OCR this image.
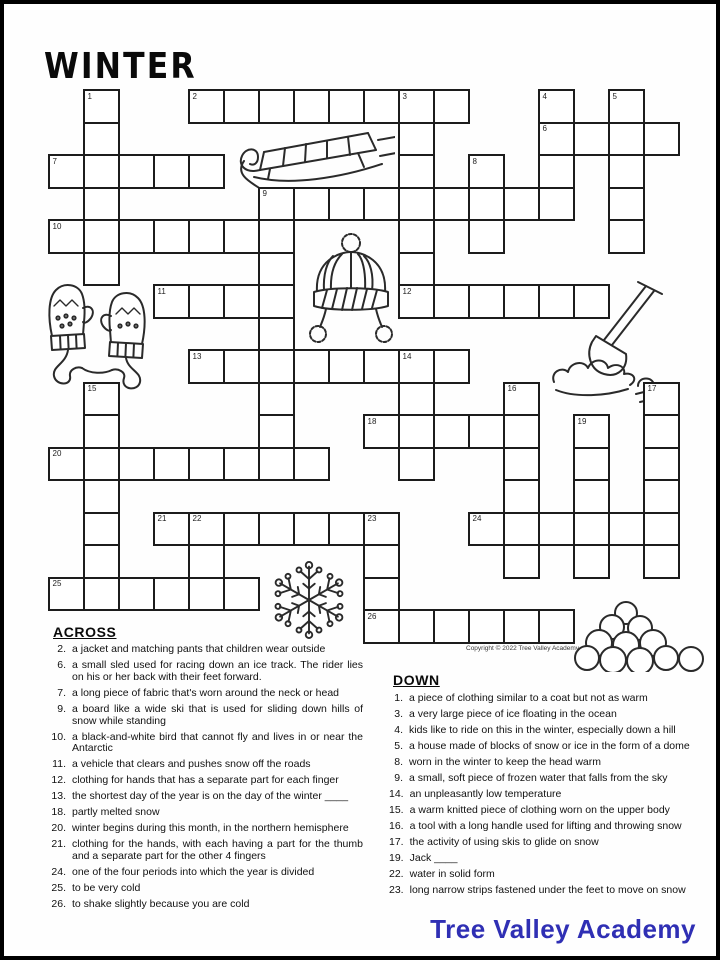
WINTER
1	2	3	4	5
6
7	8
9
10
11	12
13	14
15	16	17
18	19
20
21	22	23	24
25
26
ACROSS
2. a jacket and matching pants that children wear outside
6. a small sled used for racing down an ice track. The rider lies on his or her back with their feet forward.
7. a long piece of fabric that's worn around the neck or head
9. a board like a wide ski that is used for sliding down hills of snow while standing
10. a black-and-white bird that cannot fly and lives in or near the Antarctic
11. a vehicle that clears and pushes snow off the roads
12. clothing for hands that has a separate part for each finger
13. the shortest day of the year is on the day of the winter ____
18. partly melted snow
20. winter begins during this month, in the northern hemisphere
21. clothing for the hands, with each having a part for the thumb and a separate part for the other 4 fingers
24. one of the four periods into which the year is divided
25. to be very cold
26. to shake slightly because you are cold
DOWN
1. a piece of clothing similar to a coat but not as warm
3. a very large piece of ice floating in the ocean
4. kids like to ride on this in the winter, especially down a hill
5. a house made of blocks of snow or ice in the form of a dome
8. worn in the winter to keep the head warm
9. a small, soft piece of frozen water that falls from the sky
14. an unpleasantly low temperature
15. a warm knitted piece of clothing worn on the upper body
16. a tool with a long handle used for lifting and throwing snow
17. the activity of using skis to glide on snow
19. Jack ____
22. water in solid form
23. long narrow strips fastened under the feet to move on snow
Copyright © 2022 Tree Valley Academy
Tree Valley Academy
